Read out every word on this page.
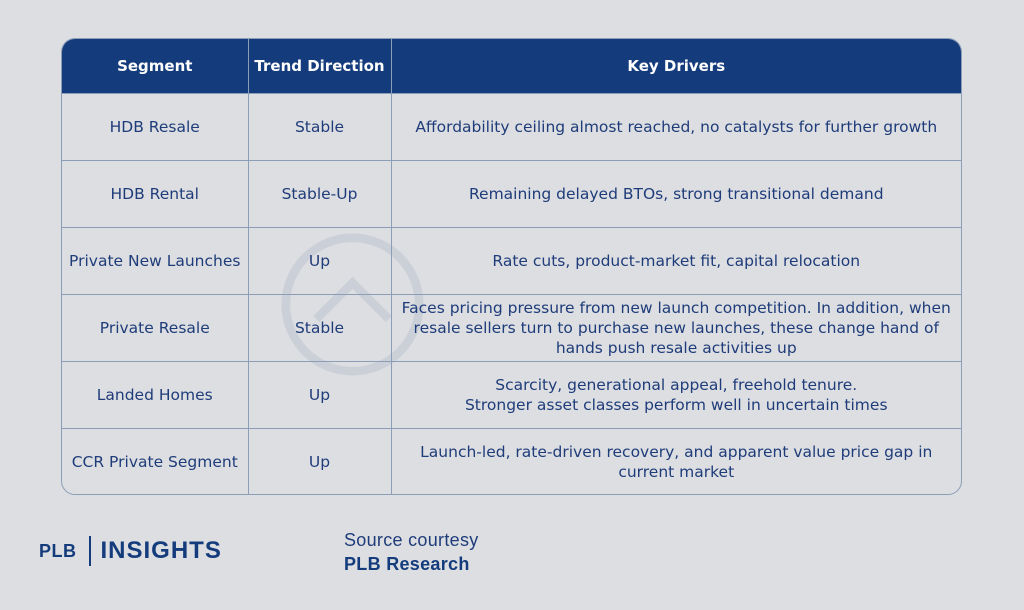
Segment	Trend Direction	Key Drivers
HDB Resale	Stable	Affordability ceiling almost reached, no catalysts for further growth
HDB Rental	Stable-Up	Remaining delayed BTOs, strong transitional demand
Private New Launches	Up	Rate cuts, product-market fit, capital relocation
Private Resale	Stable	Faces pricing pressure from new launch competition. In addition, when
resale sellers turn to purchase new launches, these change hand of
hands push resale activities up
Landed Homes	Up	Scarcity, generational appeal, freehold tenure.
Stronger asset classes perform well in uncertain times
CCR Private Segment	Up	Launch-led, rate-driven recovery, and apparent value price gap in
current market
PLB INSIGHTS	Source courtesy
PLB Research
